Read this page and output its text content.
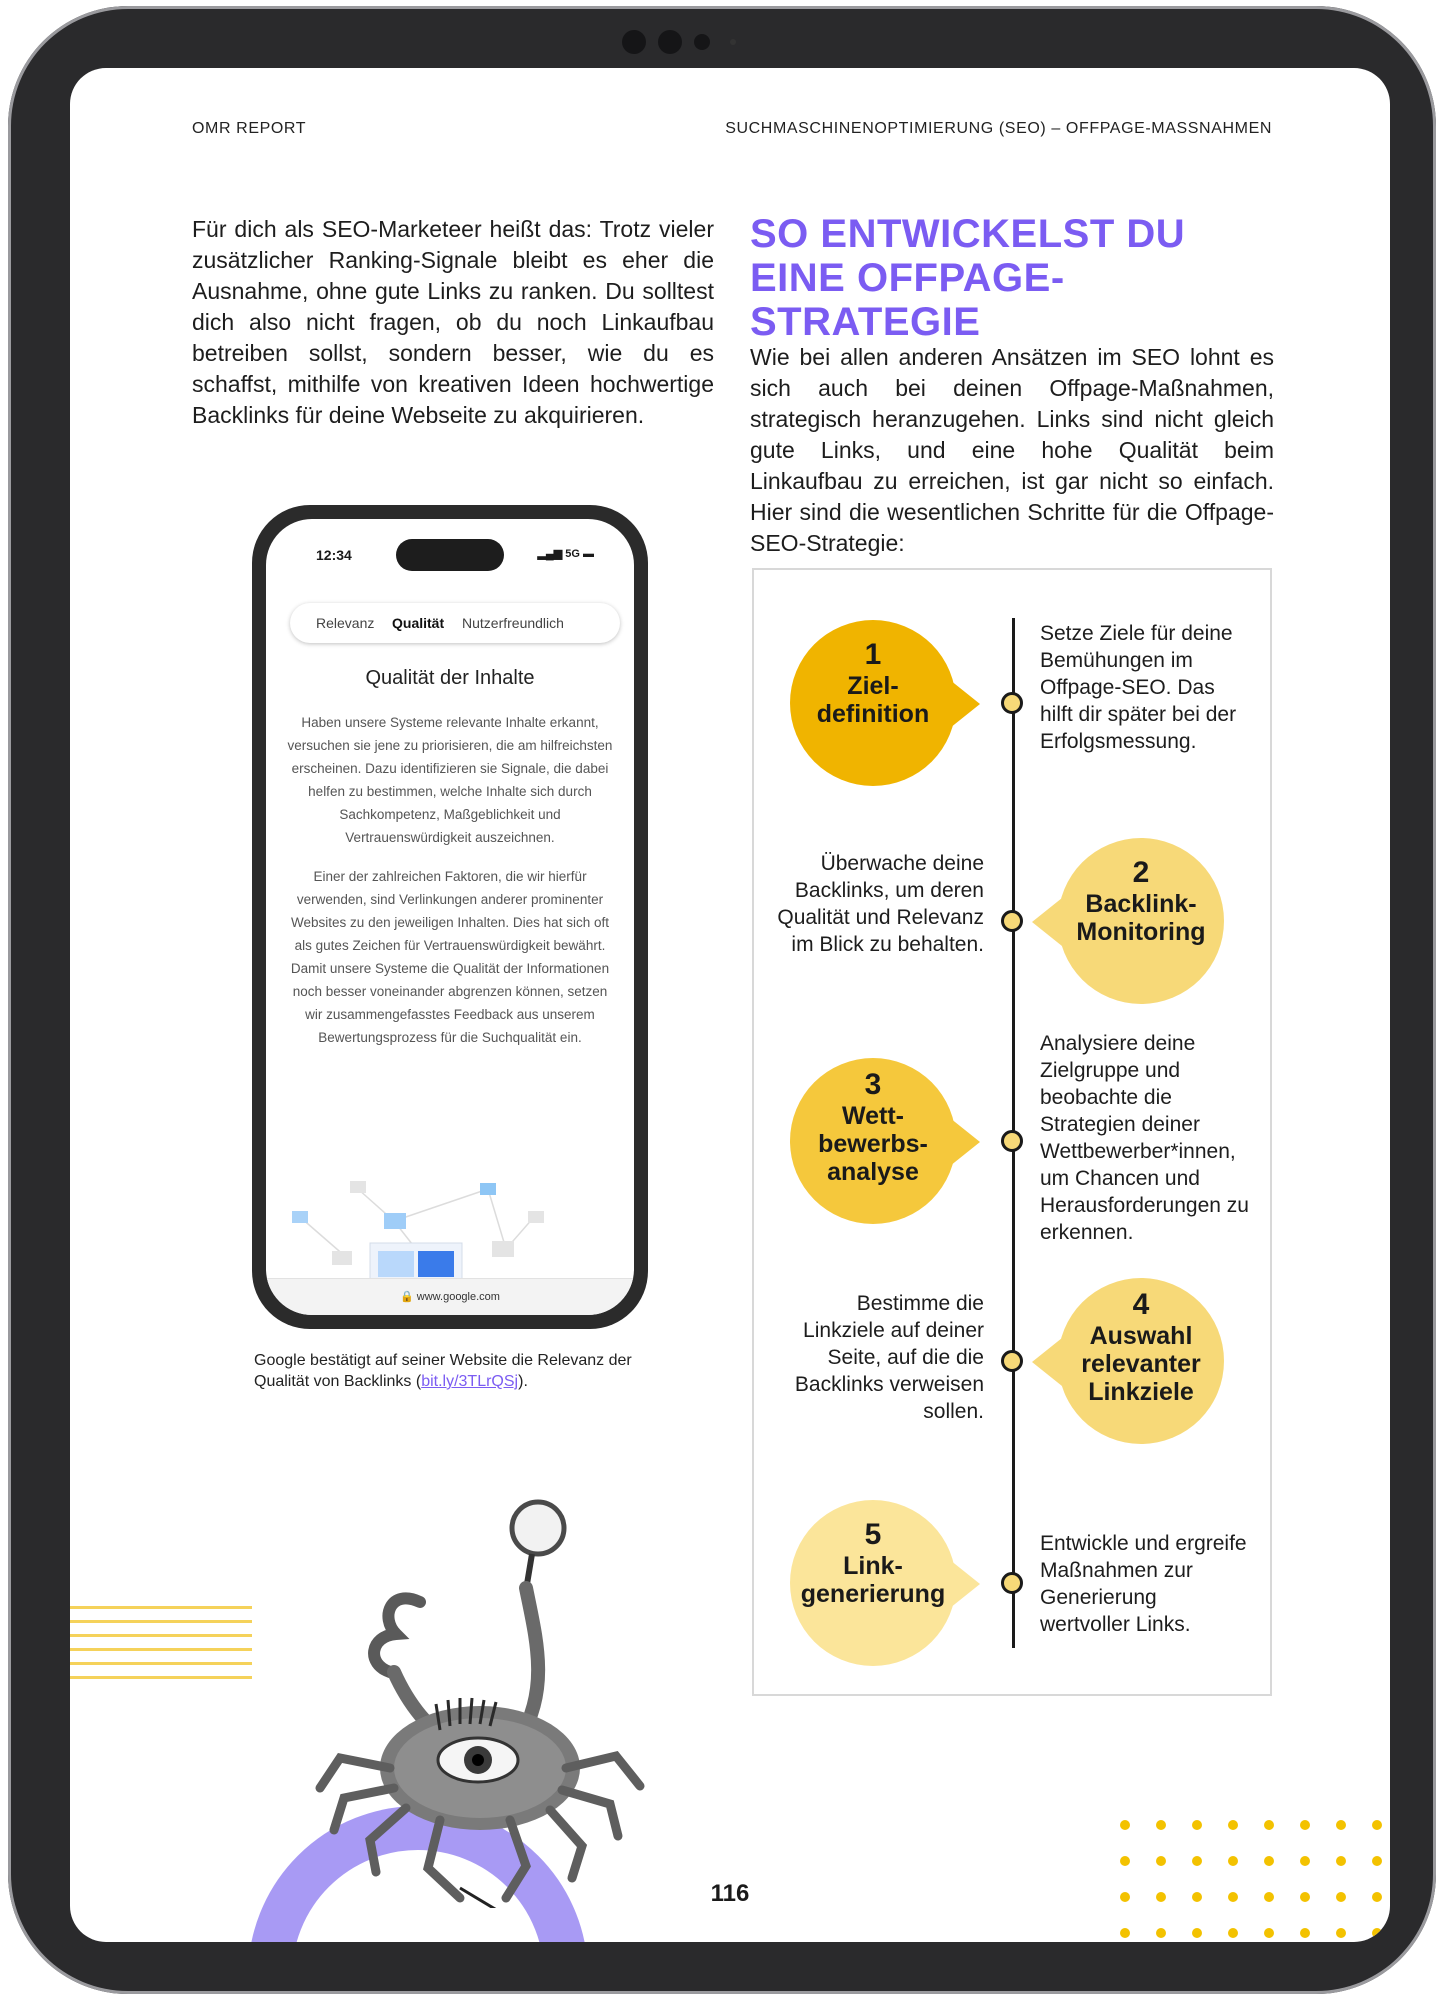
OMR REPORT	SUCHMASCHINENOPTIMIERUNG (SEO) – OFFPAGE-MASSNAHMEN
Für dich als SEO-Marketeer heißt das: Trotz vieler zusätzlicher Ranking-Signale bleibt es eher die Ausnahme, ohne gute Links zu ranken. Du solltest dich also nicht fragen, ob du noch Linkaufbau betreiben sollst, sondern besser, wie du es schaffst, mithilfe von kreativen Ideen hochwertige Backlinks für deine Webseite zu akquirieren.
SO ENTWICKELST DU EINE OFFPAGE-STRATEGIE
Wie bei allen anderen Ansätzen im SEO lohnt es sich auch bei deinen Offpage-Maßnahmen, strategisch heranzugehen. Links sind nicht gleich gute Links, und eine hohe Qualität beim Linkaufbau zu erreichen, ist gar nicht so einfach. Hier sind die wesentlichen Schritte für die Offpage-SEO-Strategie:
12:34	▂▄▆ 5G ▬
Relevanz Qualität Nutzerfreundlich
Qualität der Inhalte
Haben unsere Systeme relevante Inhalte erkannt, versuchen sie jene zu priorisieren, die am hilfreichsten erscheinen. Dazu identifizieren sie Signale, die dabei helfen zu bestimmen, welche Inhalte sich durch Sachkompetenz, Maßgeblichkeit und Vertrauenswürdigkeit auszeichnen.
Einer der zahlreichen Faktoren, die wir hierfür verwenden, sind Verlinkungen anderer prominenter Websites zu den jeweiligen Inhalten. Dies hat sich oft als gutes Zeichen für Vertrauenswürdigkeit bewährt. Damit unsere Systeme die Qualität der Informationen noch besser voneinander abgrenzen können, setzen wir zusammengefasstes Feedback aus unserem Bewertungsprozess für die Suchqualität ein.
🔒 www.google.com
Google bestätigt auf seiner Website die Relevanz der Qualität von Backlinks (bit.ly/3TLrQSj).
116
1
Ziel-
definition
Setze Ziele für deine Bemühungen im Offpage-SEO. Das hilft dir später bei der Erfolgsmessung.
2
Backlink-
Monitoring
Überwache deine Backlinks, um deren Qualität und Relevanz im Blick zu behalten.
3
Wett-
bewerbs-
analyse
Analysiere deine Zielgruppe und beobachte die Strategien deiner Wettbewerber*innen, um Chancen und Herausforderungen zu erkennen.
4
Auswahl
relevanter
Linkziele
Bestimme die Linkziele auf deiner Seite, auf die die Backlinks verweisen sollen.
5
Link-
generierung
Entwickle und ergreife Maßnahmen zur Generierung wertvoller Links.
